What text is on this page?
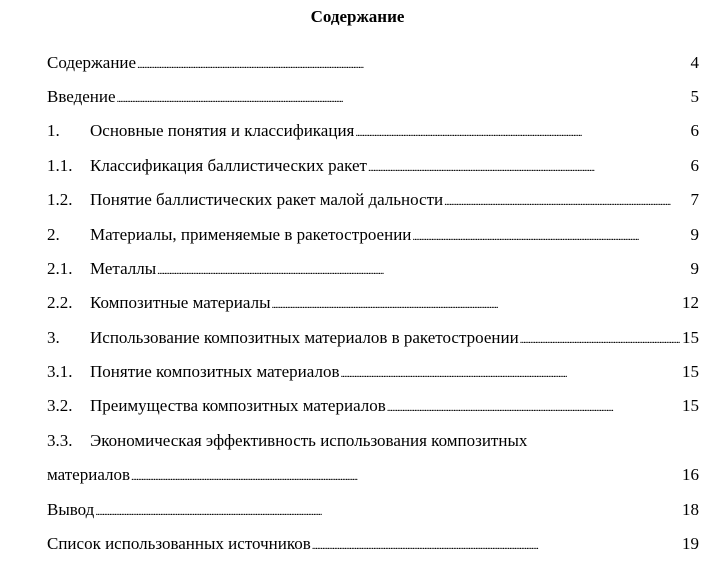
Содержание
Содержание . . .	4
Введение . . .	5
1.	Основные понятия и классификация . . .	6
1.1.	Классификация баллистических ракет . . .	6
1.2.	Понятие баллистических ракет малой дальности . . .	7
2.	Материалы, применяемые в ракетостроении . . .	9
2.1.	Металлы . . .	9
2.2.	Композитные материалы . . .	12
3.	Использование композитных материалов в ракетостроении . . .	15
3.1.	Понятие композитных материалов . . .	15
3.2.	Преимущества композитных материалов . . .	15
3.3. Экономическая эффективность использования композитных
материалов . . .	16
Вывод . . .	18
Список использованных источников . . .	19
